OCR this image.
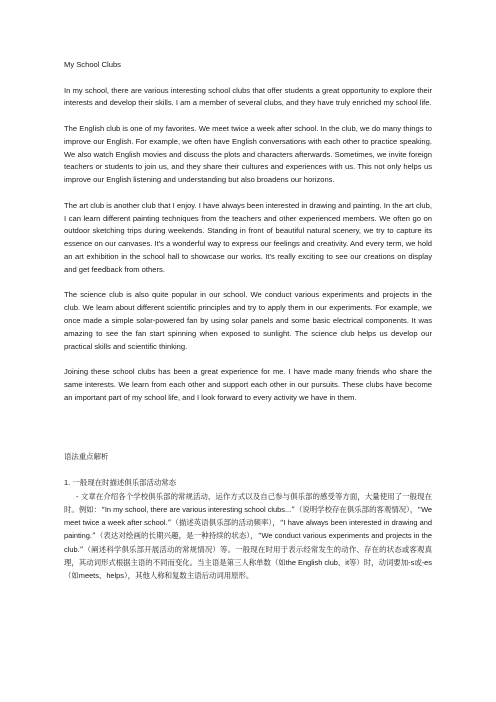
My School Clubs

In my school, there are various interesting school clubs that offer students a great opportunity to explore their interests and develop their skills. I am a member of several clubs, and they have truly enriched my school life.

The English club is one of my favorites. We meet twice a week after school. In the club, we do many things to improve our English. For example, we often have English conversations with each other to practice speaking. We also watch English movies and discuss the plots and characters afterwards. Sometimes, we invite foreign teachers or students to join us, and they share their cultures and experiences with us. This not only helps us improve our English listening and understanding but also broadens our horizons.

The art club is another club that I enjoy. I have always been interested in drawing and painting. In the art club, I can learn different painting techniques from the teachers and other experienced members. We often go on outdoor sketching trips during weekends. Standing in front of beautiful natural scenery, we try to capture its essence on our canvases. It's a wonderful way to express our feelings and creativity. And every term, we hold an art exhibition in the school hall to showcase our works. It's really exciting to see our creations on display and get feedback from others.

The science club is also quite popular in our school. We conduct various experiments and projects in the club. We learn about different scientific principles and try to apply them in our experiments. For example, we once made a simple solar-powered fan by using solar panels and some basic electrical components. It was amazing to see the fan start spinning when exposed to sunlight. The science club helps us develop our practical skills and scientific thinking.

Joining these school clubs has been a great experience for me. I have made many friends who share the same interests. We learn from each other and support each other in our pursuits. These clubs have become an important part of my school life, and I look forward to every activity we have in them.

语法重点解析

1. 一般现在时描述俱乐部活动常态

- 文章在介绍各个学校俱乐部的常规活动、运作方式以及自己参与俱乐部的感受等方面，大量使用了一般现在时。例如：“In my school, there are various interesting school clubs...”（说明学校存在俱乐部的客观情况），“We meet twice a week after school.”（描述英语俱乐部的活动频率），“I have always been interested in drawing and painting.”（表达对绘画的长期兴趣，是一种持续的状态），“We conduct various experiments and projects in the club.”（阐述科学俱乐部开展活动的常规情况）等。一般现在时用于表示经常发生的动作、存在的状态或客观真理，其动词形式根据主语的不同而变化。当主语是第三人称单数（如the English club、it等）时，动词要加-s或-es（如meets、helps），其他人称和复数主语后动词用原形。
